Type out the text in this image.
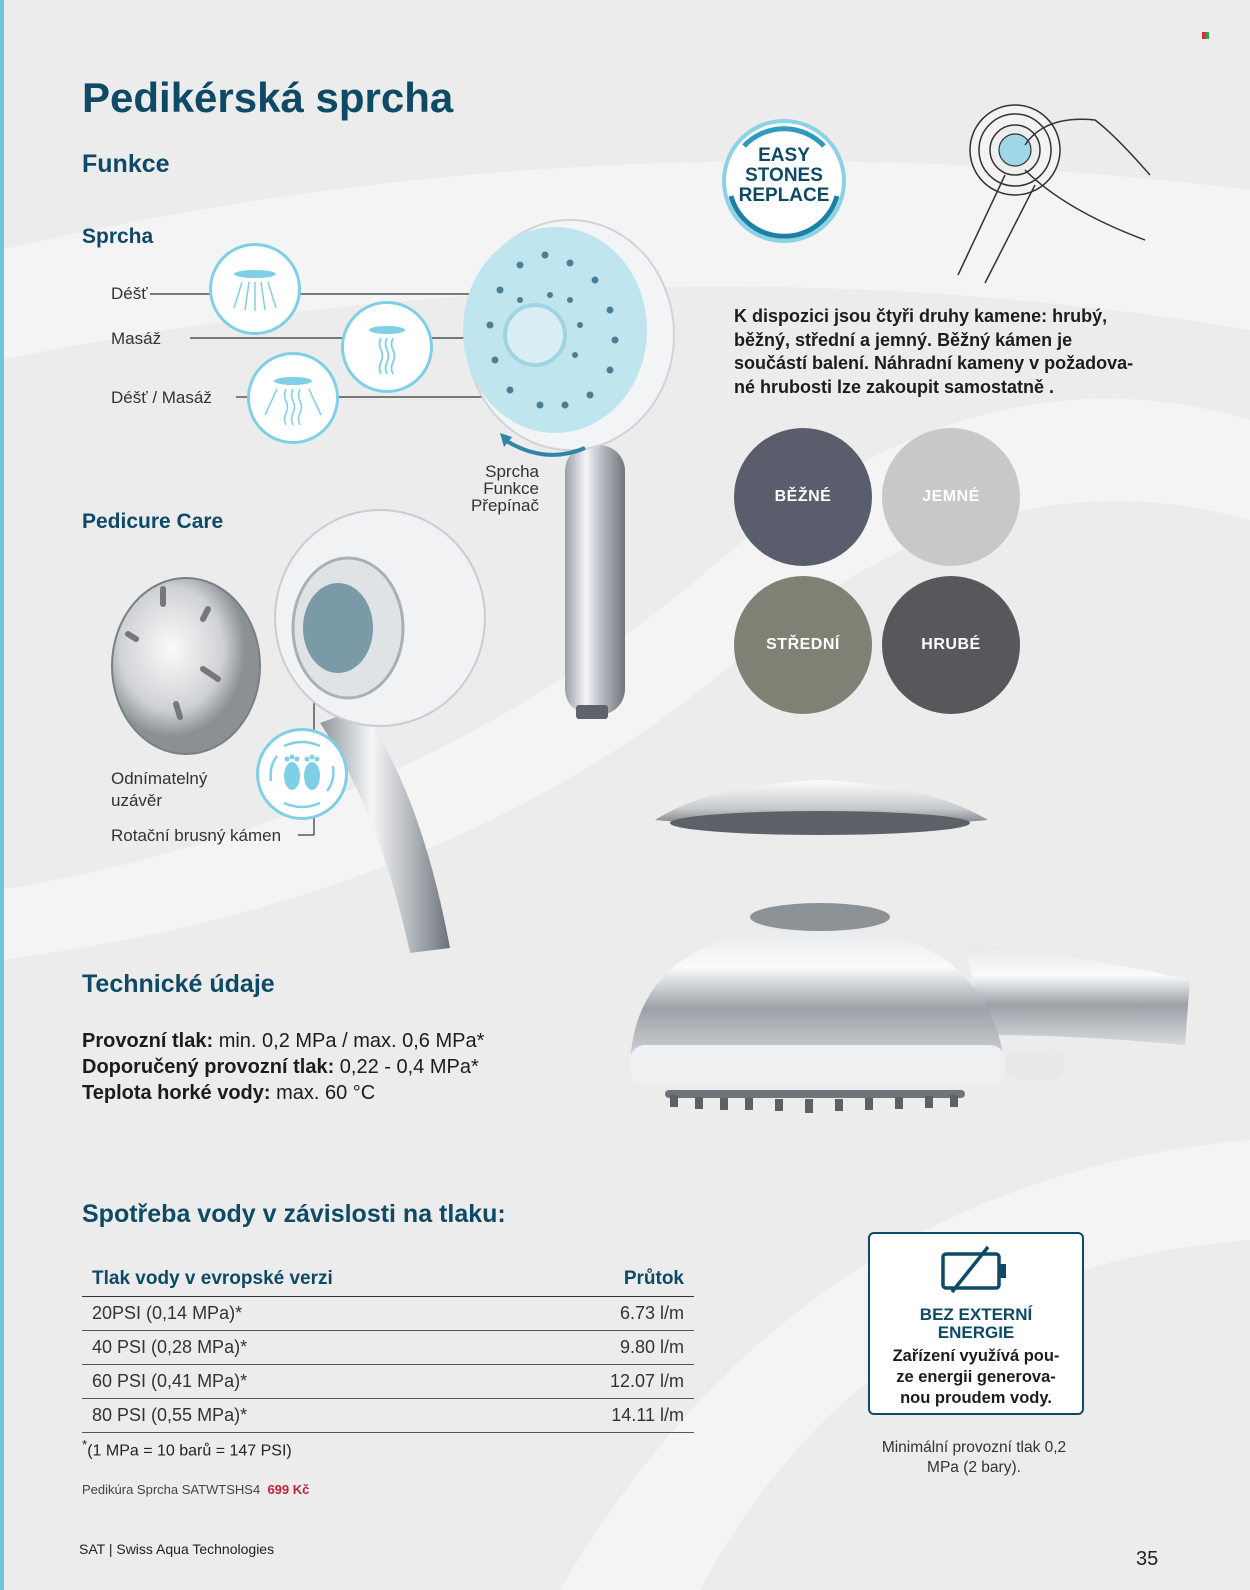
Pedikérská sprcha
Funkce
Sprcha
Déšť
Masáž
Déšť / Masáž
Sprcha
Funkce
Přepínač
EASY
STONES
REPLACE
K dispozici jsou čtyři druhy kamene: hrubý,
běžný, střední a jemný. Běžný kámen je
součástí balení. Náhradní kameny v požadova-
né hrubosti lze zakoupit samostatně .
BĚŽNÉ	JEMNÉ
STŘEDNÍ	HRUBÉ
Pedicure Care
Odnímatelný
uzávěr
Rotační brusný kámen
Technické údaje
Provozní tlak: min. 0,2 MPa / max. 0,6 MPa*
Doporučený provozní tlak: 0,22 - 0,4 MPa*
Teplota horké vody: max. 60 °C
Spotřeba vody v závislosti na tlaku:
Tlak vody v evropské verzi	Průtok
20PSI (0,14 MPa)*	6.73 l/m
40 PSI (0,28 MPa)*	9.80 l/m
60 PSI (0,41 MPa)*	12.07 l/m
80 PSI (0,55 MPa)*	14.11 l/m
*(1 MPa = 10 barů = 147 PSI)
Pedikúra Sprcha SATWTSHS4 699 Kč
BEZ EXTERNÍ
ENERGIE
Zařízení využívá pou-
ze energii generova-
nou proudem vody.
Minimální provozní tlak 0,2
MPa (2 bary).
SAT | Swiss Aqua Technologies	35
